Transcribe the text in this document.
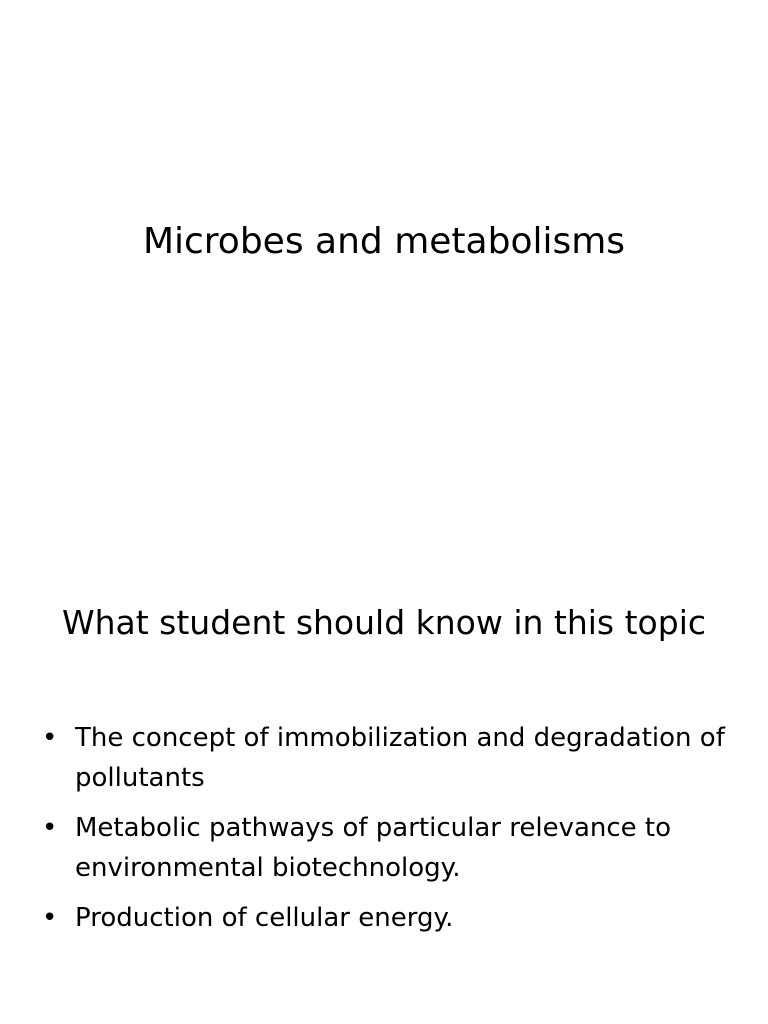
Microbes and metabolisms
What student should know in this topic
• The concept of immobilization and degradation of pollutants
• Metabolic pathways of particular relevance to environmental biotechnology.
• Production of cellular energy.
